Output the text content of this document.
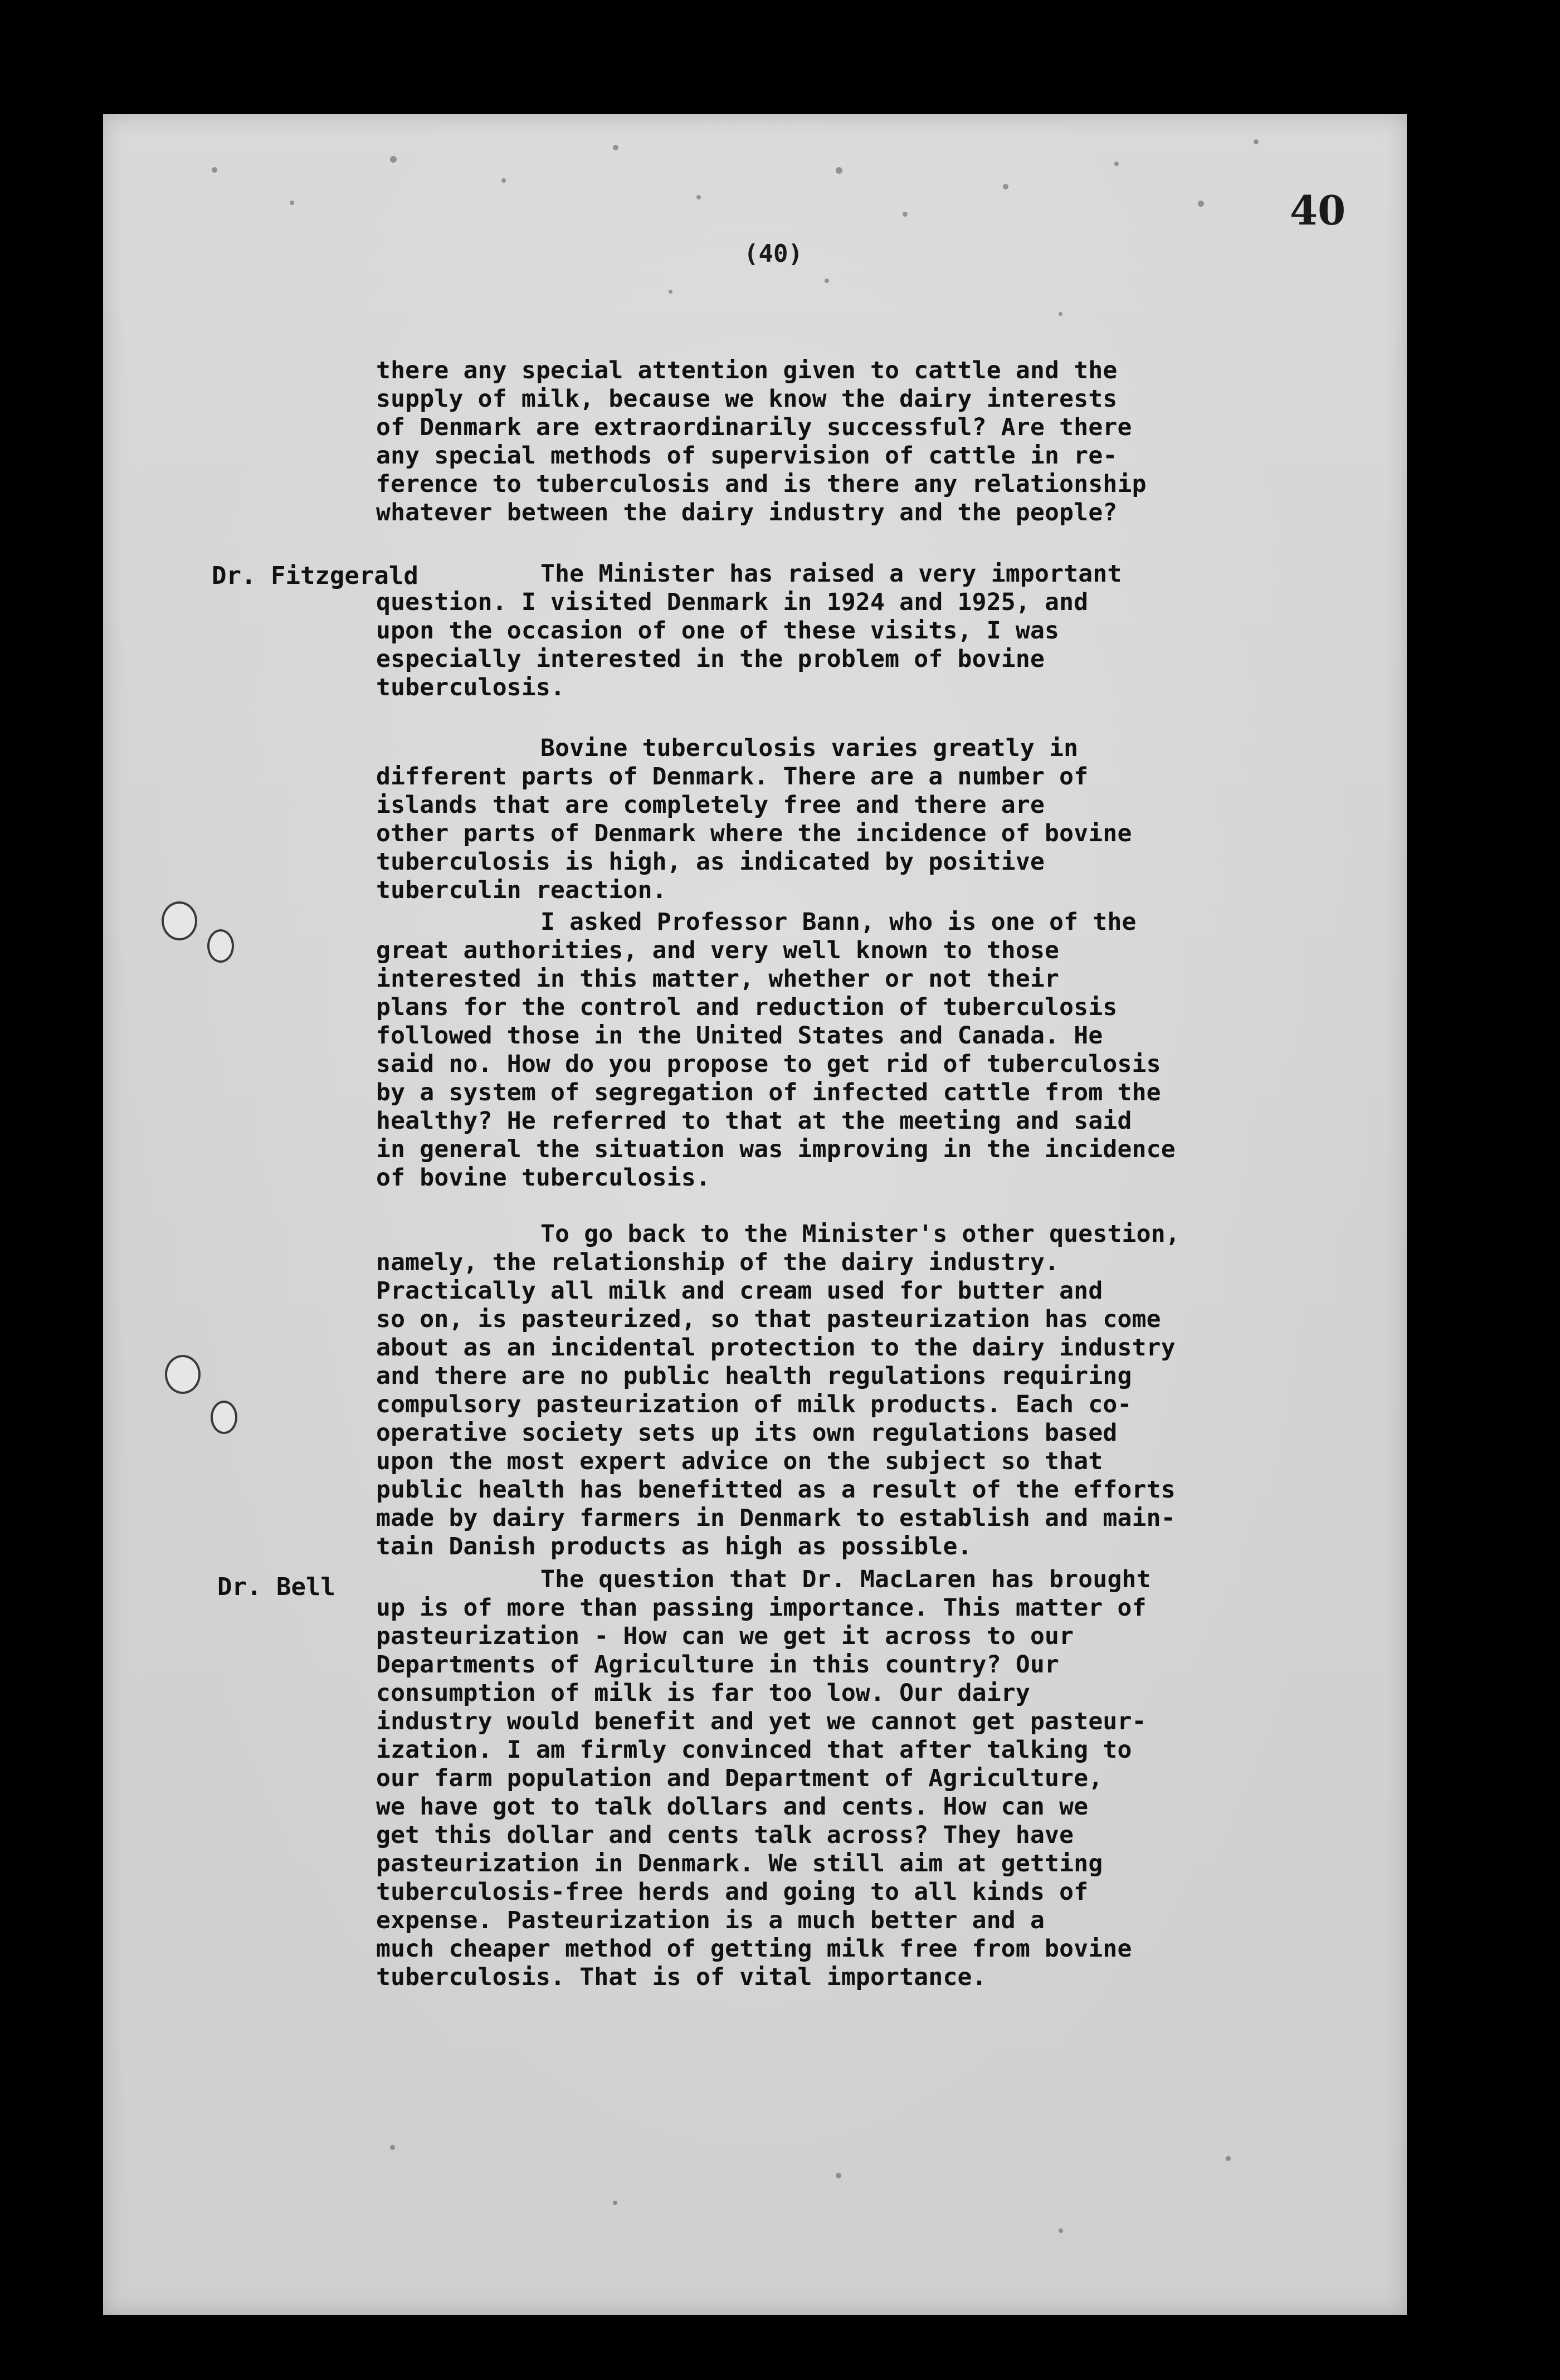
40
(40)

there any special attention given to cattle and the
supply of milk, because we know the dairy interests
of Denmark are extraordinarily successful? Are there
any special methods of supervision of cattle in re-
ference to tuberculosis and is there any relationship
whatever between the dairy industry and the people?

Dr. Fitzgerald	The Minister has raised a very important
question. I visited Denmark in 1924 and 1925, and
upon the occasion of one of these visits, I was
especially interested in the problem of bovine
tuberculosis.

Bovine tuberculosis varies greatly in
different parts of Denmark. There are a number of
islands that are completely free and there are
other parts of Denmark where the incidence of bovine
tuberculosis is high, as indicated by positive
tuberculin reaction.

I asked Professor Bann, who is one of the
great authorities, and very well known to those
interested in this matter, whether or not their
plans for the control and reduction of tuberculosis
followed those in the United States and Canada. He
said no. How do you propose to get rid of tuberculosis
by a system of segregation of infected cattle from the
healthy? He referred to that at the meeting and said
in general the situation was improving in the incidence
of bovine tuberculosis.

To go back to the Minister's other question,
namely, the relationship of the dairy industry.
Practically all milk and cream used for butter and
so on, is pasteurized, so that pasteurization has come
about as an incidental protection to the dairy industry
and there are no public health regulations requiring
compulsory pasteurization of milk products. Each co-
operative society sets up its own regulations based
upon the most expert advice on the subject so that
public health has benefitted as a result of the efforts
made by dairy farmers in Denmark to establish and main-
tain Danish products as high as possible.

Dr. Bell	The question that Dr. MacLaren has brought
up is of more than passing importance. This matter of
pasteurization - How can we get it across to our
Departments of Agriculture in this country? Our
consumption of milk is far too low. Our dairy
industry would benefit and yet we cannot get pasteur-
ization. I am firmly convinced that after talking to
our farm population and Department of Agriculture,
we have got to talk dollars and cents. How can we
get this dollar and cents talk across? They have
pasteurization in Denmark. We still aim at getting
tuberculosis-free herds and going to all kinds of
expense. Pasteurization is a much better and a
much cheaper method of getting milk free from bovine
tuberculosis. That is of vital importance.
